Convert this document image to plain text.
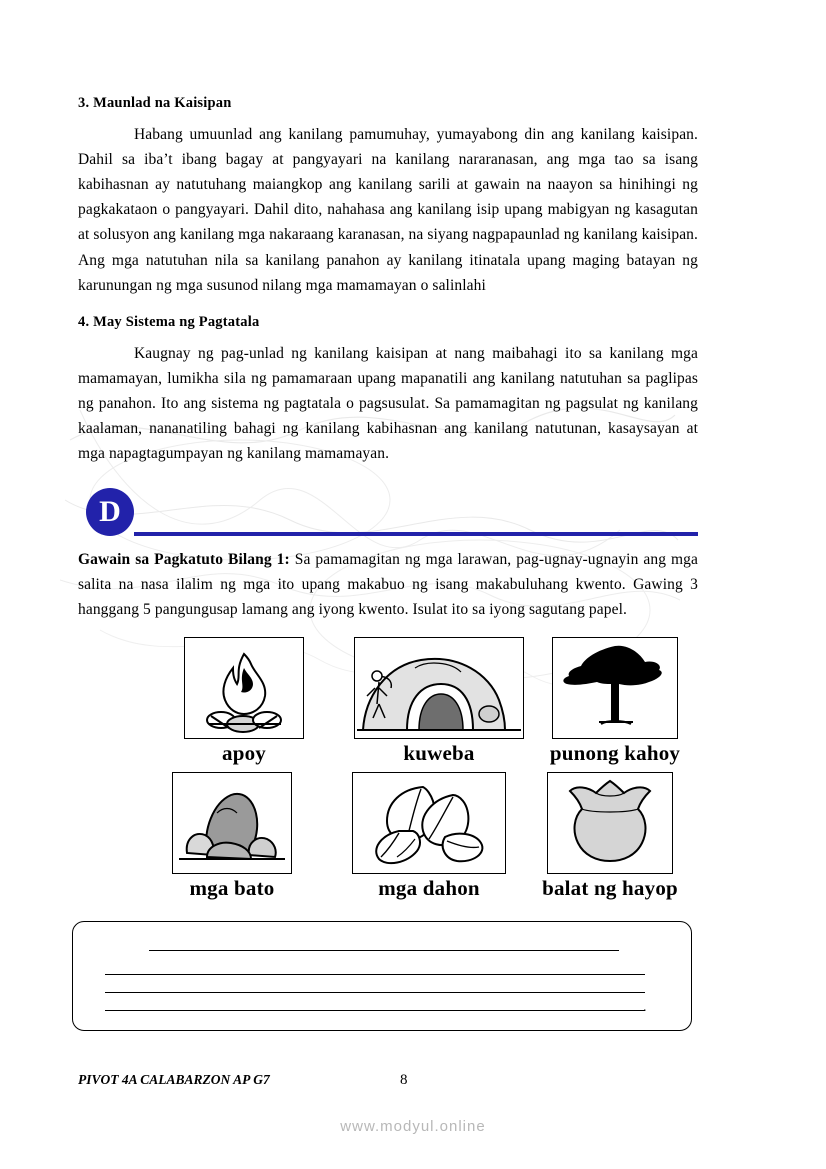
3. Maunlad na Kaisipan

Habang umuunlad ang kanilang pamumuhay, yumayabong din ang kanilang kaisipan. Dahil sa iba’t ibang bagay at pangyayari na kanilang nararanasan, ang mga tao sa isang kabihasnan ay natutuhang maiangkop ang kanilang sarili at gawain na naayon sa hinihingi ng pagkakataon o pangyayari. Dahil dito, nahahasa ang kanilang isip upang mabigyan ng kasagutan at solusyon ang kanilang mga nakaraang karanasan, na siyang nagpapaunlad ng kanilang kaisipan. Ang mga natutuhan nila sa kanilang panahon ay kanilang itinatala upang maging batayan ng karunungan ng mga susunod nilang mga mamamayan o salinlahi

4. May Sistema ng Pagtatala

Kaugnay ng pag-unlad ng kanilang kaisipan at nang maibahagi ito sa kanilang mga mamamayan, lumikha sila ng pamamaraan upang mapanatili ang kanilang natutuhan sa paglipas ng panahon. Ito ang sistema ng pagtatala o pagsusulat. Sa pamamagitan ng pagsulat ng kanilang kaalaman, nananatiling bahagi ng kanilang kabihasnan ang kanilang natutunan, kasaysayan at mga napagtagumpayan ng kanilang mamamayan.

D

Gawain sa Pagkatuto Bilang 1: Sa pamamagitan ng mga larawan, pag-ugnay-ugnayin ang mga salita na nasa ilalim ng mga ito upang makabuo ng isang makabuluhang kwento. Gawing 3 hanggang 5 pangungusap lamang ang iyong kwento. Isulat ito sa iyong sagutang papel.

apoy	kuweba	punong kahoy
mga bato	mga dahon	balat ng hayop
.
PIVOT 4A CALABARZON AP G7	8
www.modyul.online
